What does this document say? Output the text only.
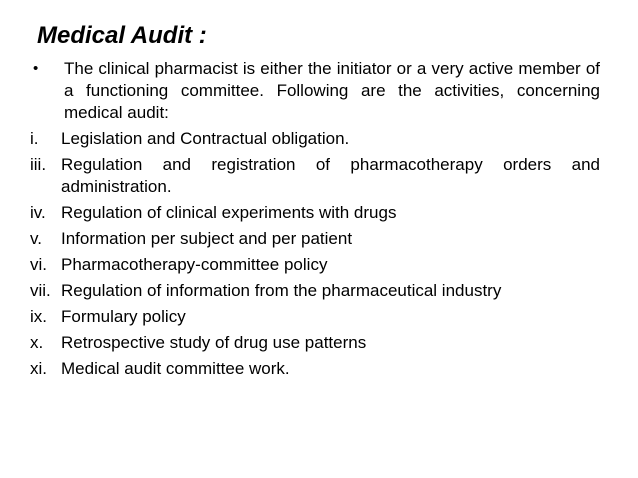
Medical Audit :
•	The clinical pharmacist is either the initiator or a very active member of a functioning committee. Following are the activities, concerning medical audit:
i.	Legislation and Contractual obligation.
iii. Regulation and registration of pharmacotherapy orders and administration.
iv. Regulation of clinical experiments with drugs
v.	Information per subject and per patient
vi. Pharmacotherapy-committee policy
vii. Regulation of information from the pharmaceutical industry
ix. Formulary policy
x.	Retrospective study of drug use patterns
xi. Medical audit committee work.
